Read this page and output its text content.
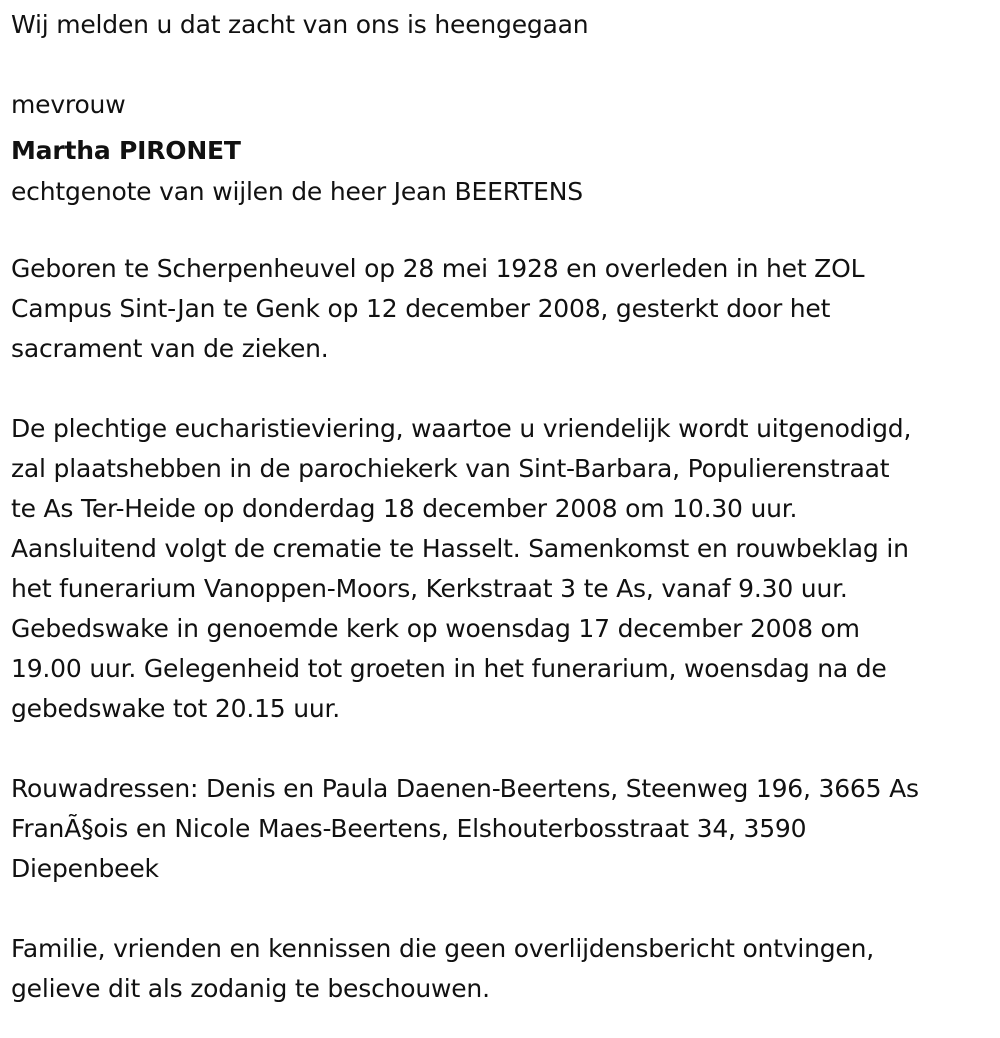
Wij melden u dat zacht van ons is heengegaan
mevrouw
Martha PIRONET
echtgenote van wijlen de heer Jean BEERTENS
Geboren te Scherpenheuvel op 28 mei 1928 en overleden in het ZOL
Campus Sint-Jan te Genk op 12 december 2008, gesterkt door het
sacrament van de zieken.
De plechtige eucharistieviering, waartoe u vriendelijk wordt uitgenodigd,
zal plaatshebben in de parochiekerk van Sint-Barbara, Populierenstraat
te As Ter-Heide op donderdag 18 december 2008 om 10.30 uur.
Aansluitend volgt de crematie te Hasselt. Samenkomst en rouwbeklag in
het funerarium Vanoppen-Moors, Kerkstraat 3 te As, vanaf 9.30 uur.
Gebedswake in genoemde kerk op woensdag 17 december 2008 om
19.00 uur. Gelegenheid tot groeten in het funerarium, woensdag na de
gebedswake tot 20.15 uur.
Rouwadressen: Denis en Paula Daenen-Beertens, Steenweg 196, 3665 As
FranÃ§ois en Nicole Maes-Beertens, Elshouterbosstraat 34, 3590
Diepenbeek
Familie, vrienden en kennissen die geen overlijdensbericht ontvingen,
gelieve dit als zodanig te beschouwen.
